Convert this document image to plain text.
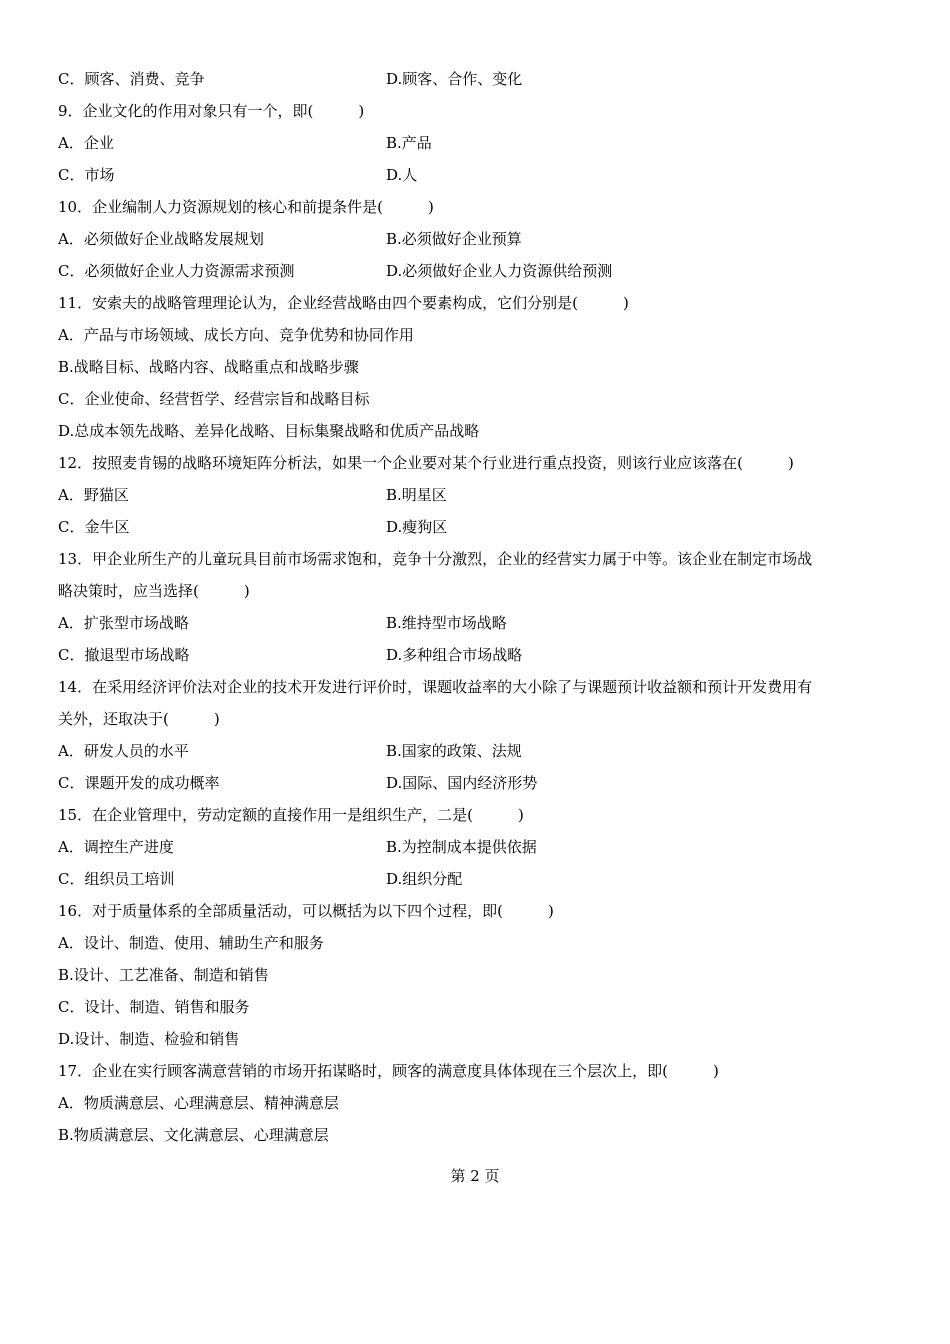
C．顾客、消费、竞争	D.顾客、合作、变化
9．企业文化的作用对象只有一个，即(　　　)
A．企业	B.产品
C．市场	D.人
10．企业编制人力资源规划的核心和前提条件是(　　　)
A．必须做好企业战略发展规划	B.必须做好企业预算
C．必须做好企业人力资源需求预测	D.必须做好企业人力资源供给预测
11．安索夫的战略管理理论认为，企业经营战略由四个要素构成，它们分别是(　　　)
A．产品与市场领域、成长方向、竞争优势和协同作用
B.战略目标、战略内容、战略重点和战略步骤
C．企业使命、经营哲学、经营宗旨和战略目标
D.总成本领先战略、差异化战略、目标集聚战略和优质产品战略
12．按照麦肯锡的战略环境矩阵分析法，如果一个企业要对某个行业进行重点投资，则该行业应该落在(　　　)
A．野猫区	B.明星区
C．金牛区	D.瘦狗区
13．甲企业所生产的儿童玩具目前市场需求饱和，竞争十分激烈，企业的经营实力属于中等。该企业在制定市场战
略决策时，应当选择(　　　)
A．扩张型市场战略	B.维持型市场战略
C．撤退型市场战略	D.多种组合市场战略
14．在采用经济评价法对企业的技术开发进行评价时，课题收益率的大小除了与课题预计收益额和预计开发费用有
关外，还取决于(　　　)
A．研发人员的水平	B.国家的政策、法规
C．课题开发的成功概率	D.国际、国内经济形势
15．在企业管理中，劳动定额的直接作用一是组织生产，二是(　　　)
A．调控生产进度	B.为控制成本提供依据
C．组织员工培训	D.组织分配
16．对于质量体系的全部质量活动，可以概括为以下四个过程，即(　　　)
A．设计、制造、使用、辅助生产和服务
B.设计、工艺准备、制造和销售
C．设计、制造、销售和服务
D.设计、制造、检验和销售
17．企业在实行顾客满意营销的市场开拓谋略时，顾客的满意度具体体现在三个层次上，即(　　　)
A．物质满意层、心理满意层、精神满意层
B.物质满意层、文化满意层、心理满意层
第 2 页
